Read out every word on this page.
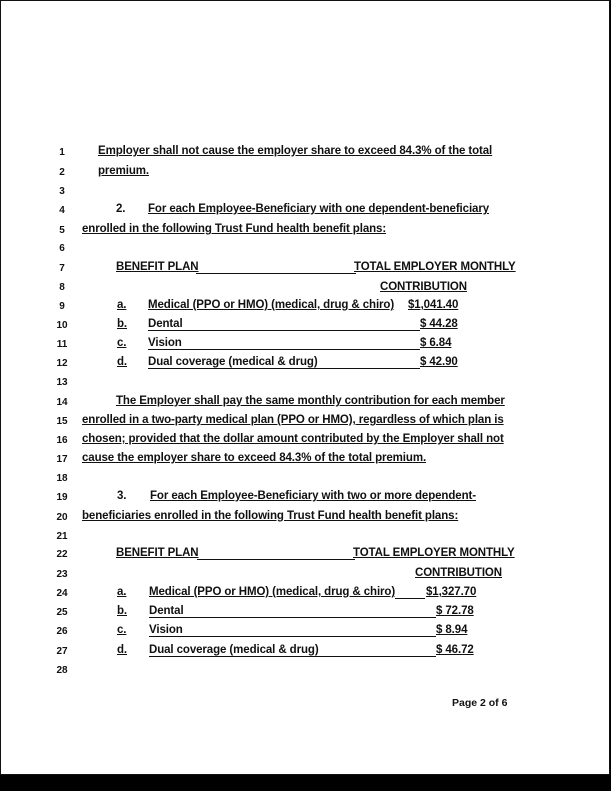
1
2
3
4
5
6
7
8
9
10
11
12
13
14
15
16
17
18
19
20
21
22
23
24
25
26
27
28
Employer shall not cause the employer share to exceed 84.3% of the total
premium.
2. For each Employee-Beneficiary with one dependent-beneficiary
enrolled in the following Trust Fund health benefit plans:
BENEFIT PLAN	TOTAL EMPLOYER MONTHLY
CONTRIBUTION
a. Medical (PPO or HMO) (medical, drug & chiro) $1,041.40
b. Dental	$ 44.28
c. Vision	$ 6.84
d. Dual coverage (medical & drug)	$ 42.90
The Employer shall pay the same monthly contribution for each member
enrolled in a two-party medical plan (PPO or HMO), regardless of which plan is
chosen; provided that the dollar amount contributed by the Employer shall not
cause the employer share to exceed 84.3% of the total premium.
3. For each Employee-Beneficiary with two or more dependent-
beneficiaries enrolled in the following Trust Fund health benefit plans:
BENEFIT PLAN	TOTAL EMPLOYER MONTHLY
CONTRIBUTION
a. Medical (PPO or HMO) (medical, drug & chiro)	$1,327.70
b. Dental	$ 72.78
c. Vision	$ 8.94
d. Dual coverage (medical & drug)	$ 46.72
Page 2 of 6
